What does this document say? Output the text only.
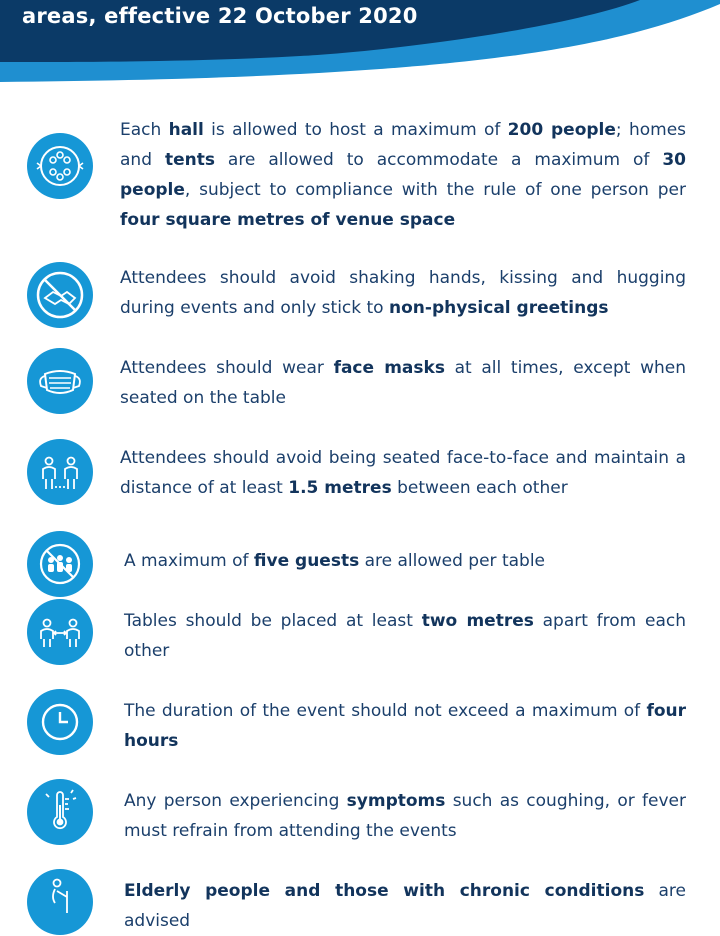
areas, effective 22 October 2020
Each hall is allowed to host a maximum of 200 people; homes and tents are allowed to accommodate a maximum of 30 people, subject to compliance with the rule of one person per four square metres of venue space
Attendees should avoid shaking hands, kissing and hugging during events and only stick to non-physical greetings
Attendees should wear face masks at all times, except when seated on the table
Attendees should avoid being seated face-to-face and maintain a distance of at least 1.5 metres between each other
A maximum of five guests are allowed per table
Tables should be placed at least two metres apart from each other
The duration of the event should not exceed a maximum of four hours
Any person experiencing symptoms such as coughing, or fever must refrain from attending the events
Elderly people and those with chronic conditions are advised
